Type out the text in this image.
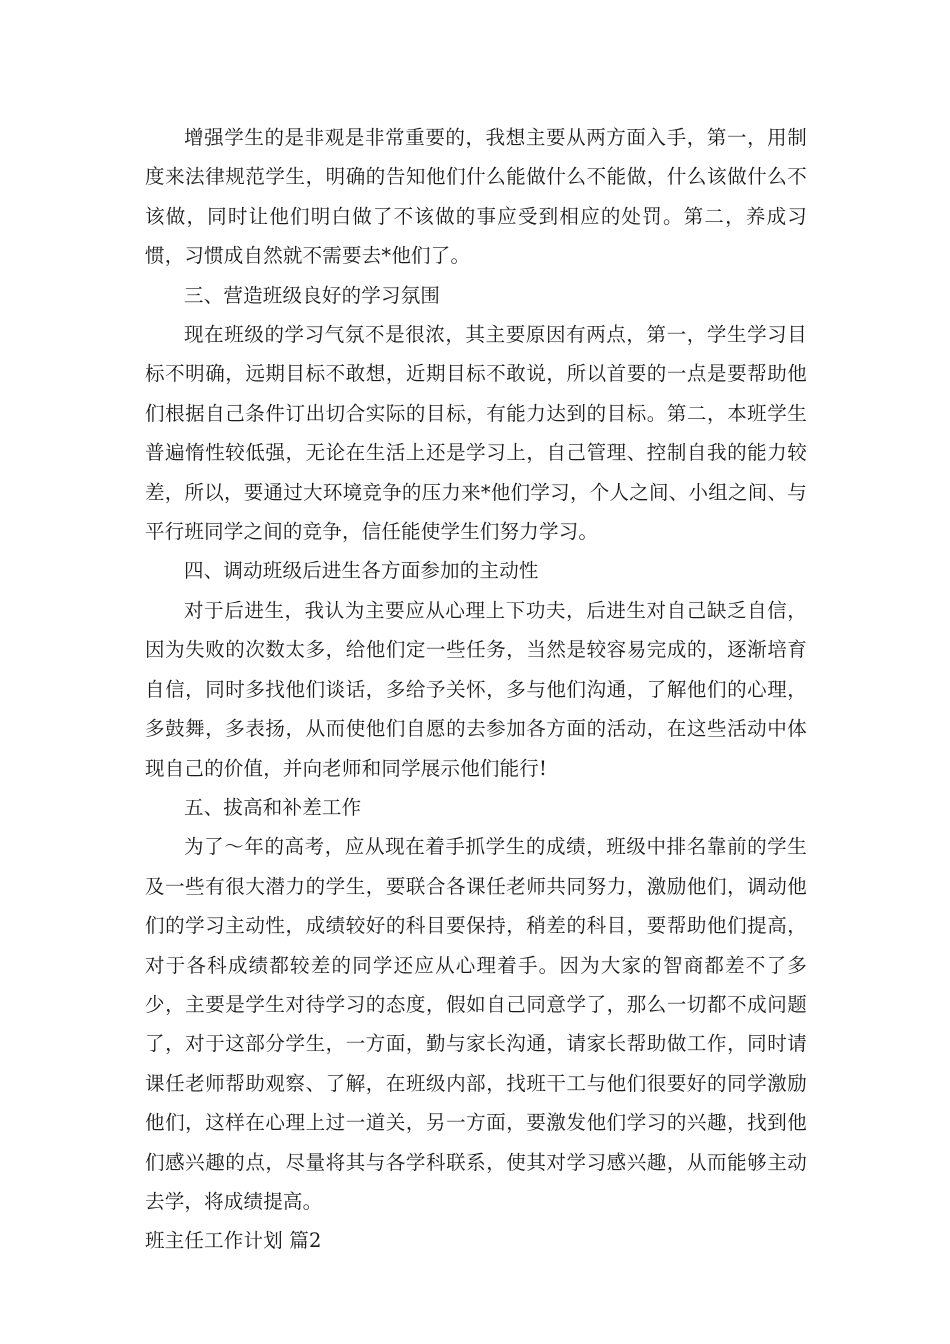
增强学生的是非观是非常重要的，我想主要从两方面入手，第一，用制度来法律规范学生，明确的告知他们什么能做什么不能做，什么该做什么不该做，同时让他们明白做了不该做的事应受到相应的处罚。第二，养成习惯，习惯成自然就不需要去*他们了。

三、营造班级良好的学习氛围

现在班级的学习气氛不是很浓，其主要原因有两点，第一，学生学习目标不明确，远期目标不敢想，近期目标不敢说，所以首要的一点是要帮助他们根据自己条件订出切合实际的目标，有能力达到的目标。第二，本班学生普遍惰性较低强，无论在生活上还是学习上，自己管理、控制自我的能力较差，所以，要通过大环境竞争的压力来*他们学习，个人之间、小组之间、与平行班同学之间的竞争，信任能使学生们努力学习。

四、调动班级后进生各方面参加的主动性

对于后进生，我认为主要应从心理上下功夫，后进生对自己缺乏自信，因为失败的次数太多，给他们定一些任务，当然是较容易完成的，逐渐培育自信，同时多找他们谈话，多给予关怀，多与他们沟通，了解他们的心理，多鼓舞，多表扬，从而使他们自愿的去参加各方面的活动，在这些活动中体现自己的价值，并向老师和同学展示他们能行!

五、拔高和补差工作

为了～年的高考，应从现在着手抓学生的成绩，班级中排名靠前的学生及一些有很大潜力的学生，要联合各课任老师共同努力，激励他们，调动他们的学习主动性，成绩较好的科目要保持，稍差的科目，要帮助他们提高，对于各科成绩都较差的同学还应从心理着手。因为大家的智商都差不了多少，主要是学生对待学习的态度，假如自己同意学了，那么一切都不成问题了，对于这部分学生，一方面，勤与家长沟通，请家长帮助做工作，同时请课任老师帮助观察、了解，在班级内部，找班干工与他们很要好的同学激励他们，这样在心理上过一道关，另一方面，要激发他们学习的兴趣，找到他们感兴趣的点，尽量将其与各学科联系，使其对学习感兴趣，从而能够主动去学，将成绩提高。

班主任工作计划 篇2
